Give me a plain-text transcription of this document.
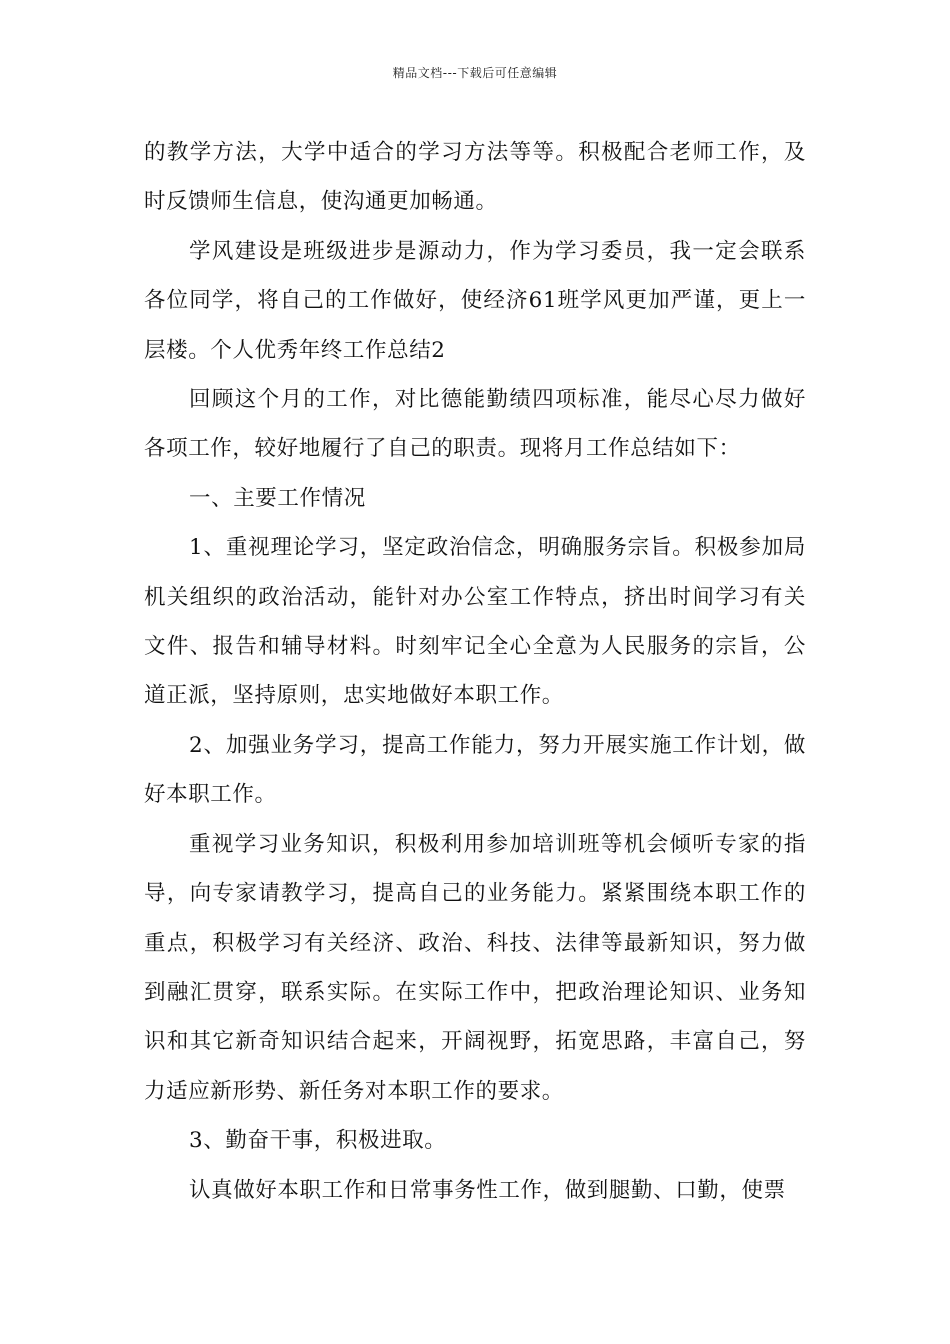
精品文档---下载后可任意编辑

的教学方法，大学中适合的学习方法等等。积极配合老师工作，及时反馈师生信息，使沟通更加畅通。

学风建设是班级进步是源动力，作为学习委员，我一定会联系各位同学，将自己的工作做好，使经济61班学风更加严谨，更上一层楼。个人优秀年终工作总结2

回顾这个月的工作，对比德能勤绩四项标准，能尽心尽力做好各项工作，较好地履行了自己的职责。现将月工作总结如下：

一、主要工作情况

1、重视理论学习，坚定政治信念，明确服务宗旨。积极参加局机关组织的政治活动，能针对办公室工作特点，挤出时间学习有关文件、报告和辅导材料。时刻牢记全心全意为人民服务的宗旨，公道正派，坚持原则，忠实地做好本职工作。

2、加强业务学习，提高工作能力，努力开展实施工作计划，做好本职工作。

重视学习业务知识，积极利用参加培训班等机会倾听专家的指导，向专家请教学习，提高自己的业务能力。紧紧围绕本职工作的重点，积极学习有关经济、政治、科技、法律等最新知识，努力做到融汇贯穿，联系实际。在实际工作中，把政治理论知识、业务知识和其它新奇知识结合起来，开阔视野，拓宽思路，丰富自己，努力适应新形势、新任务对本职工作的要求。

3、勤奋干事，积极进取。

认真做好本职工作和日常事务性工作，做到腿勤、口勤，使票
